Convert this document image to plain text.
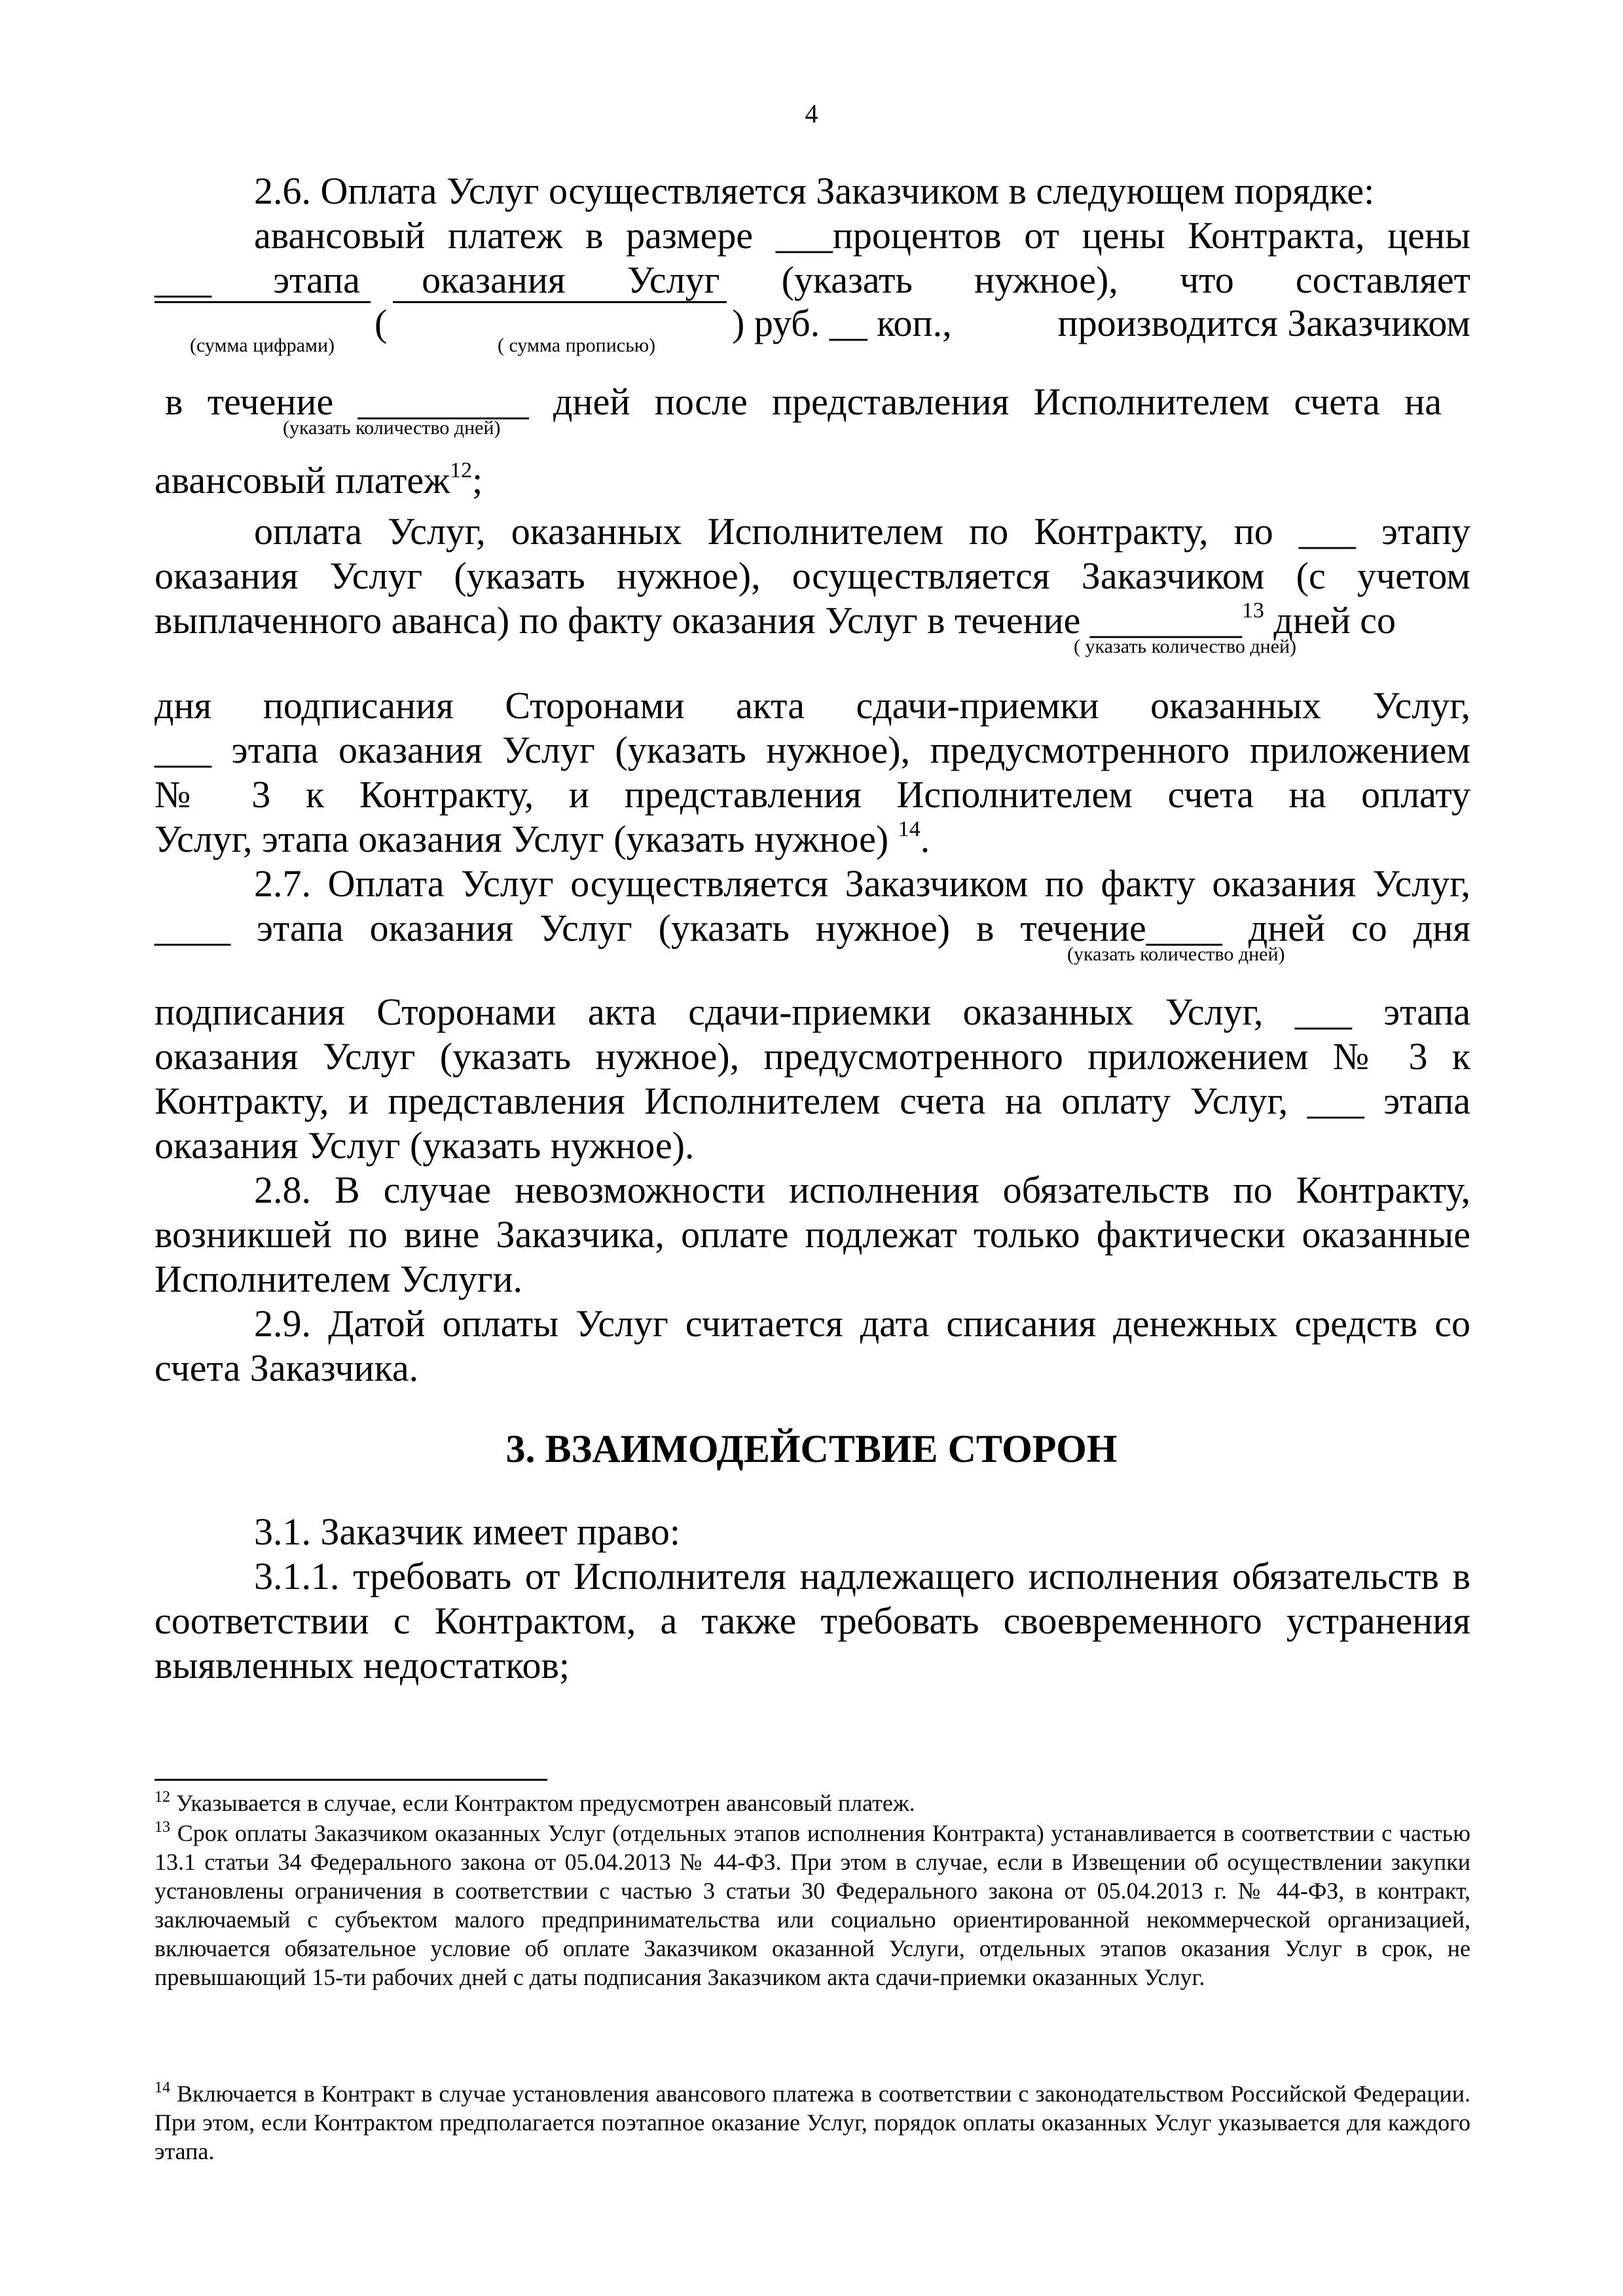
4
2.6. Оплата Услуг осуществляется Заказчиком в следующем порядке:
авансовый платеж в размере ___процентов от цены Контракта, цены
___ этапа оказания Услуг (указать нужное), что составляет
(	) руб. __ коп.,	производится Заказчиком
(сумма цифрами)	( сумма прописью)
в течение _________ дней после представления Исполнителем счета на
(указать количество дней)
авансовый платеж$^{12}$;
оплата Услуг, оказанных Исполнителем по Контракту, по ___ этапу
оказания Услуг (указать нужное), осуществляется Заказчиком (с учетом
выплаченного аванса) по факту оказания Услуг в течение ________$^{13}$ дней со
( указать количество дней)
дня подписания Сторонами акта сдачи-приемки оказанных Услуг,
___ этапа оказания Услуг (указать нужное), предусмотренного приложением
№ 3 к Контракту, и представления Исполнителем счета на оплату
Услуг, этапа оказания Услуг (указать нужное) $^{14}$.
2.7. Оплата Услуг осуществляется Заказчиком по факту оказания Услуг,
____ этапа оказания Услуг (указать нужное) в течение____ дней со дня
(указать количество дней)
подписания Сторонами акта сдачи-приемки оказанных Услуг, ___ этапа
оказания Услуг (указать нужное), предусмотренного приложением № 3 к
Контракту, и представления Исполнителем счета на оплату Услуг, ___ этапа
оказания Услуг (указать нужное).
2.8. В случае невозможности исполнения обязательств по Контракту,
возникшей по вине Заказчика, оплате подлежат только фактически оказанные
Исполнителем Услуги.
2.9. Датой оплаты Услуг считается дата списания денежных средств со
счета Заказчика.
3. ВЗАИМОДЕЙСТВИЕ СТОРОН
3.1. Заказчик имеет право:
3.1.1. требовать от Исполнителя надлежащего исполнения обязательств в
соответствии с Контрактом, а также требовать своевременного устранения
выявленных недостатков;
$^{12}$ Указывается в случае, если Контрактом предусмотрен авансовый платеж.
$^{13}$ Срок оплаты Заказчиком оказанных Услуг (отдельных этапов исполнения Контракта) устанавливается в соответствии с частью 13.1 статьи 34 Федерального закона от 05.04.2013 № 44-ФЗ. При этом в случае, если в Извещении об осуществлении закупки установлены ограничения в соответствии с частью 3 статьи 30 Федерального закона от 05.04.2013 г. № 44-ФЗ, в контракт, заключаемый с субъектом малого предпринимательства или социально ориентированной некоммерческой организацией, включается обязательное условие об оплате Заказчиком оказанной Услуги, отдельных этапов оказания Услуг в срок, не превышающий 15-ти рабочих дней с даты подписания Заказчиком акта сдачи-приемки оказанных Услуг.
$^{14}$ Включается в Контракт в случае установления авансового платежа в соответствии с законодательством Российской Федерации. При этом, если Контрактом предполагается поэтапное оказание Услуг, порядок оплаты оказанных Услуг указывается для каждого этапа.
